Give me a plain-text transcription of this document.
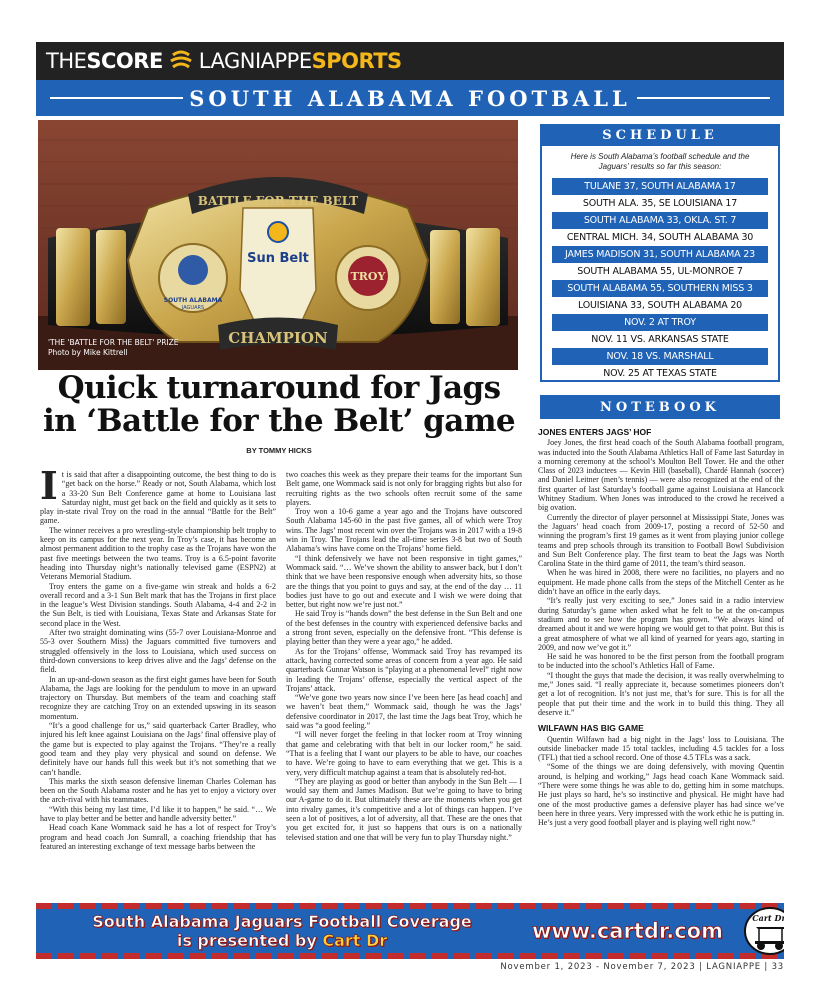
THESCORE LAGNIAPPESPORTS
SOUTH ALABAMA FOOTBALL
BATTLE FOR THE BELT
Sun Belt
CHAMPION
SOUTH ALABAMA
JAGUARS
TROY
'THE 'BATTLE FOR THE BELT' PRIZE
Photo by Mike Kittrell
Quick turnaround for Jags
in ‘Battle for the Belt’ game
BY TOMMY HICKS

It is said that after a disappointing outcome, the best thing to do is “get back on the horse.” Ready or not, South Alabama, which lost a 33-20 Sun Belt Conference game at home to Louisiana last Saturday night, must get back on the field and quickly as it sets to play in-state rival Troy on the road in the annual “Battle for the Belt” game.

The winner receives a pro wrestling-style championship belt trophy to keep on its campus for the next year. In Troy’s case, it has become an almost permanent addition to the trophy case as the Trojans have won the past five meetings between the two teams. Troy is a 6.5-point favorite heading into Thursday night’s nationally televised game (ESPN2) at Veterans Memorial Stadium.

Troy enters the game on a five-game win streak and holds a 6-2 overall record and a 3-1 Sun Belt mark that has the Trojans in first place in the league’s West Division standings. South Alabama, 4-4 and 2-2 in the Sun Belt, is tied with Louisiana, Texas State and Arkansas State for second place in the West.

After two straight dominating wins (55-7 over Louisiana-Monroe and 55-3 over Southern Miss) the Jaguars committed five turnovers and struggled offensively in the loss to Louisiana, which used success on third-down conversions to keep drives alive and the Jags’ defense on the field.

In an up-and-down season as the first eight games have been for South Alabama, the Jags are looking for the pendulum to move in an upward trajectory on Thursday. But members of the team and coaching staff recognize they are catching Troy on an extended upswing in its season momentum.

“It’s a good challenge for us,” said quarterback Carter Bradley, who injured his left knee against Louisiana on the Jags’ final offensive play of the game but is expected to play against the Trojans. “They’re a really good team and they play very physical and sound on defense. We definitely have our hands full this week but it’s not something that we can’t handle.

This marks the sixth season defensive lineman Charles Coleman has been on the South Alabama roster and he has yet to enjoy a victory over the arch-rival with his teammates.

“With this being my last time, I’d like it to happen,” he said. “… We have to play better and be better and handle adversity better.”

Head coach Kane Wommack said he has a lot of respect for Troy’s program and head coach Jon Sumrall, a coaching friendship that has featured an interesting exchange of text message barbs between the

two coaches this week as they prepare their teams for the important Sun Belt game, one Wommack said is not only for bragging rights but also for recruiting rights as the two schools often recruit some of the same players.

Troy won a 10-6 game a year ago and the Trojans have outscored South Alabama 145-60 in the past five games, all of which were Troy wins. The Jags’ most recent win over the Trojans was in 2017 with a 19-8 win in Troy. The Trojans lead the all-time series 3-8 but two of South Alabama’s wins have come on the Trojans’ home field.

“I think defensively we have not been responsive in tight games,” Wommack said. “… We’ve shown the ability to answer back, but I don’t think that we have been responsive enough when adversity hits, so those are the things that you point to guys and say, at the end of the day … 11 bodies just have to go out and execute and I wish we were doing that better, but right now we’re just not.”

He said Troy is “hands down” the best defense in the Sun Belt and one of the best defenses in the country with experienced defensive backs and a strong front seven, especially on the defensive front. “This defense is playing better than they were a year ago,” he added.

As for the Trojans’ offense, Wommack said Troy has revamped its attack, having corrected some areas of concern from a year ago. He said quarterback Gunnar Watson is “playing at a phenomenal level” right now in leading the Trojans’ offense, especially the vertical aspect of the Trojans’ attack.

“We’ve gone two years now since I’ve been here [as head coach] and we haven’t beat them,” Wommack said, though he was the Jags’ defensive coordinator in 2017, the last time the Jags beat Troy, which he said was “a good feeling.”

“I will never forget the feeling in that locker room at Troy winning that game and celebrating with that belt in our locker room,” he said. “That is a feeling that I want our players to be able to have, our coaches to have. We’re going to have to earn everything that we get. This is a very, very difficult matchup against a team that is absolutely red-hot.

“They are playing as good or better than anybody in the Sun Belt — I would say them and James Madison. But we’re going to have to bring our A-game to do it. But ultimately these are the moments when you get into rivalry games, it’s competitive and a lot of things can happen. I’ve seen a lot of positives, a lot of adversity, all that. These are the ones that you get excited for, it just so happens that ours is on a nationally televised station and one that will be very fun to play Thursday night.”

SCHEDULE
Here is South Alabama’s football schedule and the Jaguars’ results so far this season:
TULANE 37, SOUTH ALABAMA 17
SOUTH ALA. 35, SE LOUISIANA 17
SOUTH ALABAMA 33, OKLA. ST. 7
CENTRAL MICH. 34, SOUTH ALABAMA 30
JAMES MADISON 31, SOUTH ALABAMA 23
SOUTH ALABAMA 55, UL-MONROE 7
SOUTH ALABAMA 55, SOUTHERN MISS 3
LOUISIANA 33, SOUTH ALABAMA 20
NOV. 2 AT TROY
NOV. 11 VS. ARKANSAS STATE
NOV. 18 VS. MARSHALL
NOV. 25 AT TEXAS STATE
NOTEBOOK
JONES ENTERS JAGS’ HOF

Joey Jones, the first head coach of the South Alabama football program, was inducted into the South Alabama Athletics Hall of Fame last Saturday in a morning ceremony at the school’s Moulton Bell Tower. He and the other Class of 2023 inductees — Kevin Hill (baseball), Chardé Hannah (soccer) and Daniel Leitner (men’s tennis) — were also recognized at the end of the first quarter of last Saturday’s football game against Louisiana at Hancock Whitney Stadium. When Jones was introduced to the crowd he received a big ovation.

Currently the director of player personnel at Mississippi State, Jones was the Jaguars’ head coach from 2009-17, posting a record of 52-50 and winning the program’s first 19 games as it went from playing junior college teams and prep schools through its transition to Football Bowl Subdivision and Sun Belt Conference play. The first team to beat the Jags was North Carolina State in the third game of 2011, the team’s third season.

When he was hired in 2008, there were no facilities, no players and no equipment. He made phone calls from the steps of the Mitchell Center as he didn’t have an office in the early days.

“It’s really just very exciting to see,” Jones said in a radio interview during Saturday’s game when asked what he felt to be at the on-campus stadium and to see how the program has grown. “We always kind of dreamed about it and we were hoping we would get to that point. But this is a great atmosphere of what we all kind of yearned for years ago, starting in 2009, and now we’ve got it.”

He said he was honored to be the first person from the football program to be inducted into the school’s Athletics Hall of Fame.

“I thought the guys that made the decision, it was really overwhelming to me,” Jones said. “I really appreciate it, because sometimes pioneers don’t get a lot of recognition. It’s not just me, that’s for sure. This is for all the people that put their time and the work in to build this thing. They all deserve it.”

WILFAWN HAS BIG GAME

Quentin Wilfawn had a big night in the Jags’ loss to Louisiana. The outside linebacker made 15 total tackles, including 4.5 tackles for a loss (TFL) that tied a school record. One of those 4.5 TFLs was a sack.

“Some of the things we are doing defensively, with moving Quentin around, is helping and working,” Jags head coach Kane Wommack said. “There were some things he was able to do, getting him in some matchups. He just plays so hard, he’s so instinctive and physical. He might have had one of the most productive games a defensive player has had since we’ve been here in three years. Very impressed with the work ethic he is putting in. He’s just a very good football player and is playing well right now.”

South Alabama Jaguars Football Coverage
is presented by Cart Dr	www.cartdr.com
Cart Dr.
November 1, 2023 - November 7, 2023 | LAGNIAPPE | 33
